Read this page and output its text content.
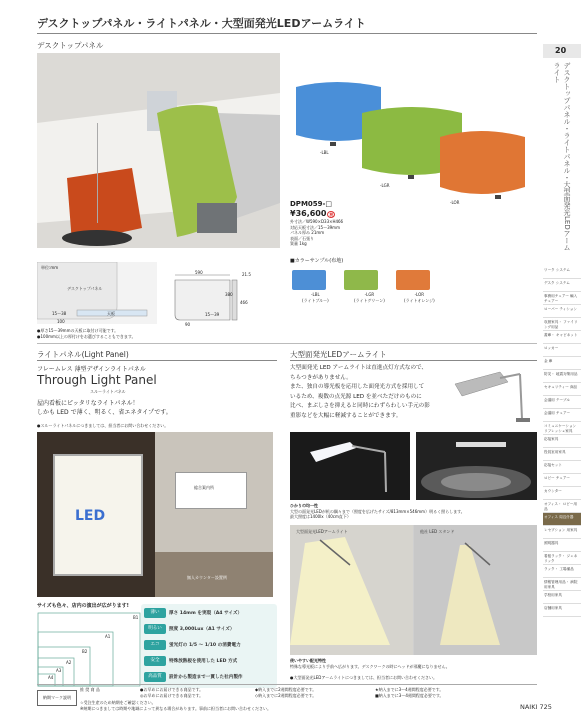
デスクトップパネル・ライトパネル・大型面発光LEDアームライト
デスクトップパネル
20
デスクトップパネル・ライトパネル・大型面発光LEDアームライト
-LBL
-LGR
-LOR
DPM059-□
¥36,600 税
外寸法／W590×D33×H466
対応天板寸法／15～39mm
パネル厚み 21mm
表面／石張り
質量 1kg
単位:mm
デスクトップパネル
15～38	天板
100
590	21.5
380
466
15～39
90
●厚さ15～39mmの天板に取付け可能です。
●100mm以上の厚付けをお選びすることもできます。
■カラーサンプル(布地)
-LBL
(ライトブルー)
-LGR
(ライトグリーン)
-LOR
(ライトオレンジ)
ワーク システム
デスク システム
事務用チェアー 輸入チェアー
ローパー ティション
収納家具・ ファイリング用品
書庫・ キャビネット
ロッカー
金 庫
防災・ 地震対策用品
セキュリティー 商品
会議用 テーブル
会議用 チェアー
コミュニケーション リフレッシュ家具
応接家具
役員室用家具
応接セット
ロビー チェアー
カウンター
オフィス・ ロビー用品
オフィス 周辺什器
レセプション 用家具
照明器具
看板ラック・ ジェネリック
ラック・ 工場備品
情報管理用品・ 病院用家具
学校用家具
店舗用家具
ライトパネル(Light Panel)
フレームレス 薄型デザインライトパネル
Through Light Panel
スルーライトパネル
屋内看板にピッタリなライトパネル！
しかも LED で薄く、明るく、省エネタイプです。
●スルーライトパネルにつきましては、担当者にお問い合わせください。
LED
総合案内所
無人カウンター設置例
サイズも色々、店内の演出が広がります!
B1
A1
B2
A2
A3
A4
薄い	厚さ 14mm を実現（A4 サイズ）
明るい	照度 3,000Lux（A1 サイズ）
エコ	蛍光灯の 1/5 ～ 1/10 の消費電力
安全	特殊放熱板を使用した LED 方式
高品質	設計から製造まで一貫した社内製作
大型面発光LEDアームライト
大型面発光 LED アームライトは直進点灯方式なので、
ちらつきがありません。
また、独自の導光板を応用した面発光方式を採用して
いるため、複数の点光源 LED を並べただけのものに
比べ、まぶしさを抑えると同時にわずらわしい手元の影
重影などを大幅に軽減することができます。
ひかりの均一性
大型の面発光LEDが机の隅々まで（照度を広げたサイズ/813mm×546mm）明るく照らします。
最大照度は1400lx（40cm直下）
大型面発光LEDアームライト	他社 LED スタンド
使いやすい配光特性
特殊な導光板により手前へ広がります。デスクワークの時にヘッドが邪魔になりません。
●大型面発光LEDアームライトにつきましては、担当者にお問い合わせください。
納期マーク説明
推 奨 商 品	●お早めにお届けできる商品です。
◎お早めにお届けできる商品です。
◆納入までに2週間程度必要です。
◇納入までに2週間程度必要です。
★納入までに3～4週間程度必要です。
■納入までに3～4週間程度必要です。
☆受注生産のため納期をご確認ください。
※納期につきましては時期や地域によって異なる場合があります。事前に担当者にお問い合わせください。	NAIKI 725
